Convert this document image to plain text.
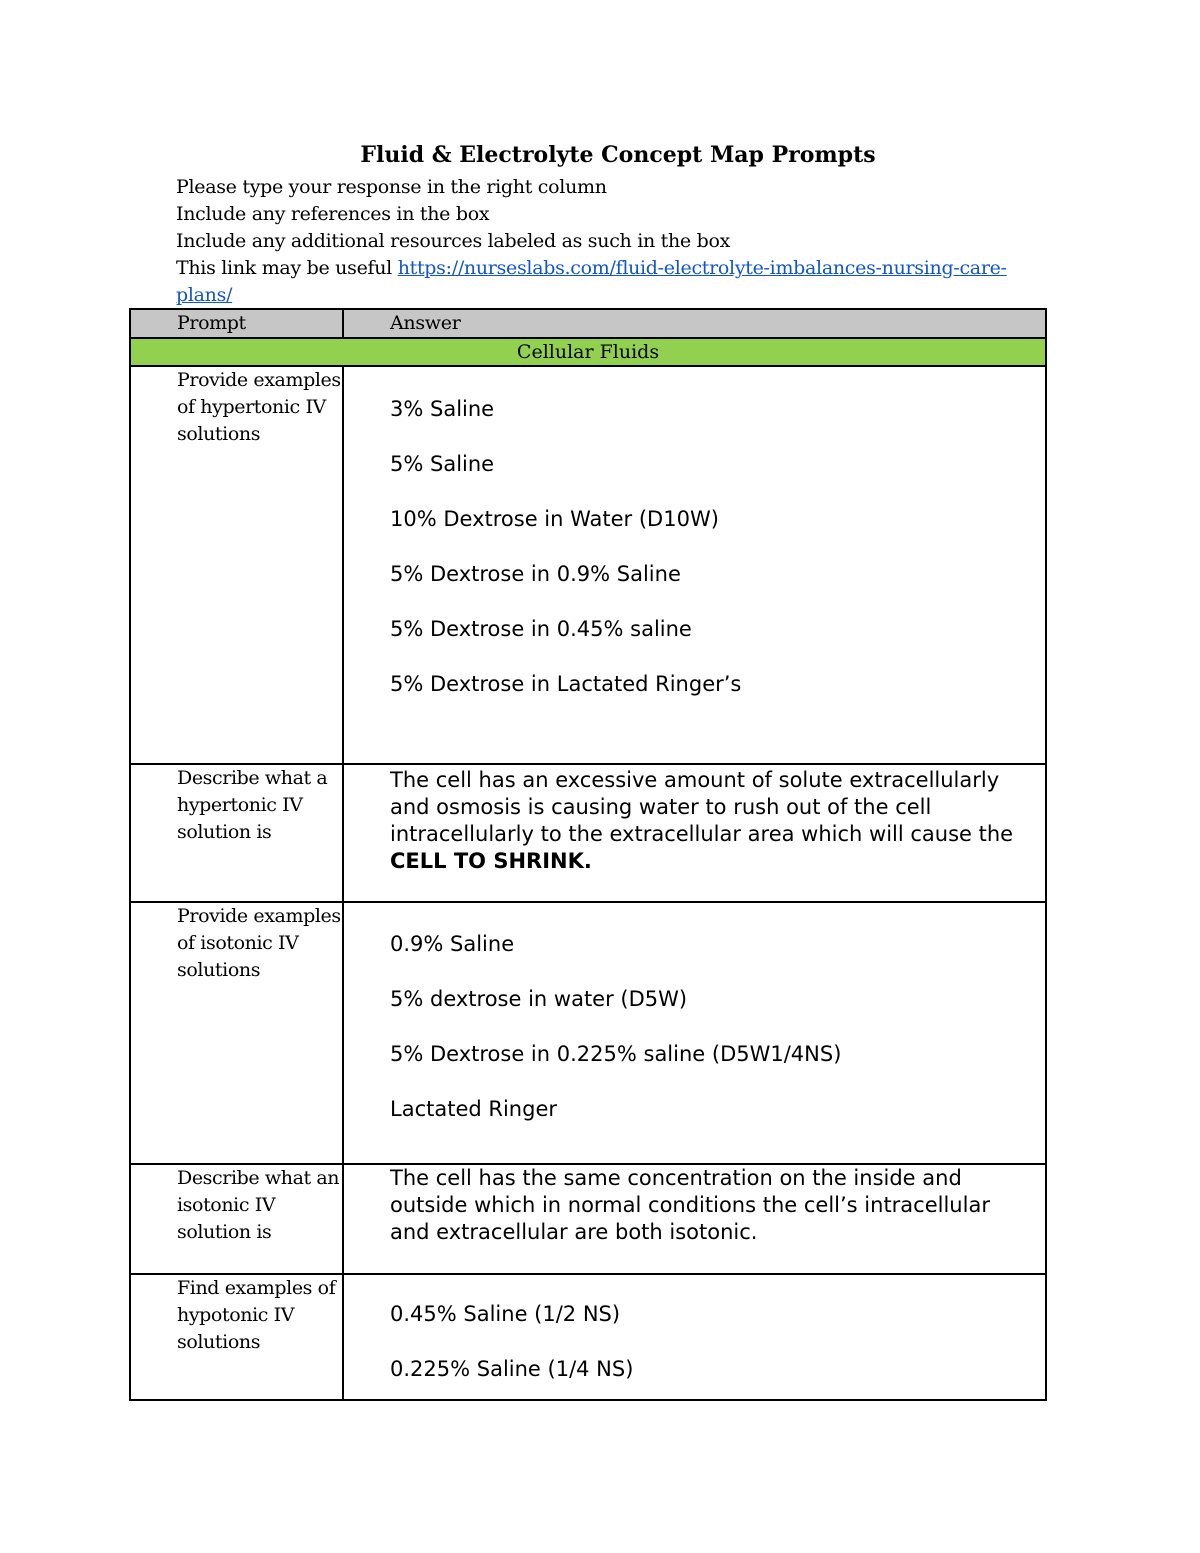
Fluid & Electrolyte Concept Map Prompts
Please type your response in the right column
Include any references in the box
Include any additional resources labeled as such in the box
This link may be useful https://nurseslabs.com/fluid-electrolyte-imbalances-nursing-care-plans/
Prompt	Answer
Cellular Fluids
Provide examples of hypertonic IV solutions
3% Saline
5% Saline
10% Dextrose in Water (D10W)
5% Dextrose in 0.9% Saline
5% Dextrose in 0.45% saline
5% Dextrose in Lactated Ringer’s
Describe what a hypertonic IV solution is
The cell has an excessive amount of solute extracellularly and osmosis is causing water to rush out of the cell intracellularly to the extracellular area which will cause the CELL TO SHRINK.
Provide examples of isotonic IV solutions
0.9% Saline
5% dextrose in water (D5W)
5% Dextrose in 0.225% saline (D5W1/4NS)
Lactated Ringer
Describe what an isotonic IV solution is
The cell has the same concentration on the inside and outside which in normal conditions the cell’s intracellular and extracellular are both isotonic.
Find examples of hypotonic IV solutions
0.45% Saline (1/2 NS)
0.225% Saline (1/4 NS)
